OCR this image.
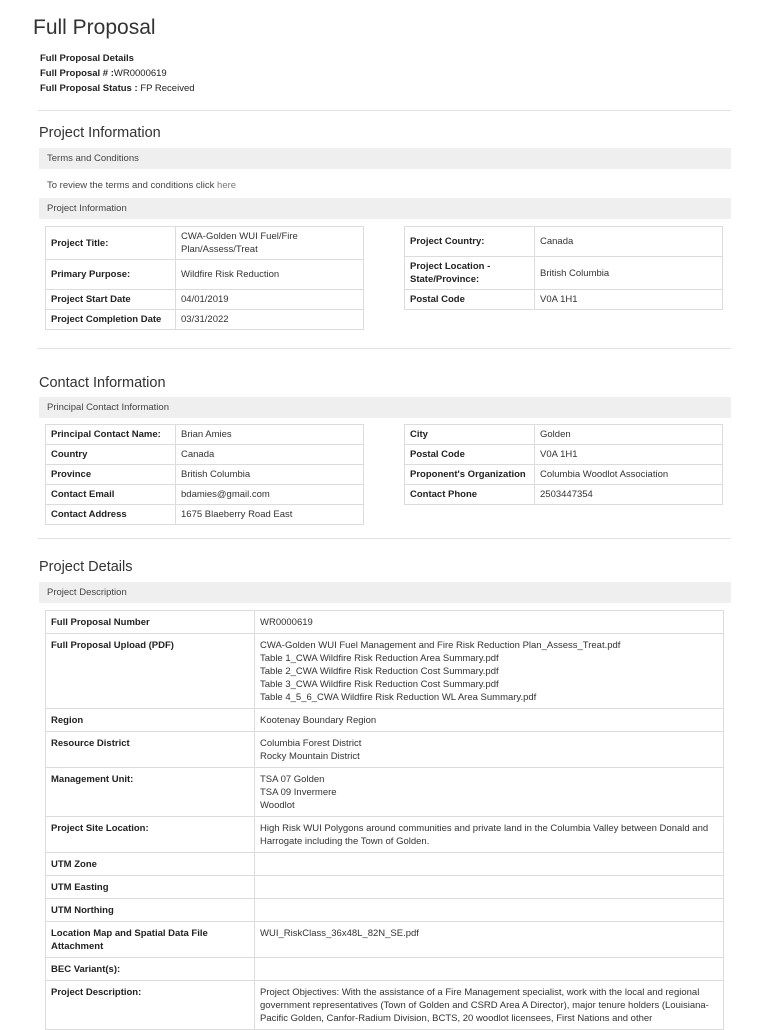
Full Proposal
Full Proposal Details
Full Proposal # :WR0000619
Full Proposal Status : FP Received
Project Information
Terms and Conditions
To review the terms and conditions click here
Project Information
Project Title:	CWA-Golden WUI Fuel/Fire Plan/Assess/Treat
Primary Purpose:	Wildfire Risk Reduction
Project Start Date	04/01/2019
Project Completion Date	03/31/2022
Project Country:	Canada
Project Location - State/Province:	British Columbia
Postal Code	V0A 1H1
Contact Information
Principal Contact Information
Principal Contact Name:	Brian Amies
Country	Canada
Province	British Columbia
Contact Email	bdamies@gmail.com
Contact Address	1675 Blaeberry Road East
City	Golden
Postal Code	V0A 1H1
Proponent's Organization	Columbia Woodlot Association
Contact Phone	2503447354
Project Details
Project Description
Full Proposal Number	WR0000619

Full Proposal Upload (PDF)	CWA-Golden WUI Fuel Management and Fire Risk Reduction Plan_Assess_Treat.pdf
Table 1_CWA Wildfire Risk Reduction Area Summary.pdf
Table 2_CWA Wildfire Risk Reduction Cost Summary.pdf
Table 3_CWA Wildfire Risk Reduction Cost Summary.pdf
Table 4_5_6_CWA Wildfire Risk Reduction WL Area Summary.pdf

Region	Kootenay Boundary Region

Resource District	Columbia Forest District
Rocky Mountain District

Management Unit:	TSA 07 Golden
TSA 09 Invermere
Woodlot

Project Site Location:	High Risk WUI Polygons around communities and private land in the Columbia Valley between Donald and Harrogate including the Town of Golden.

UTM Zone	
UTM Easting	
UTM Northing	
Location Map and Spatial Data File Attachment	WUI_RiskClass_36x48L_82N_SE.pdf

BEC Variant(s):	
Project Description:	Project Objectives: With the assistance of a Fire Management specialist, work with the local and regional government representatives (Town of Golden and CSRD Area A Director), major tenure holders (Louisiana-Pacific Golden, Canfor-Radium Division, BCTS, 20 woodlot licensees, First Nations and other
